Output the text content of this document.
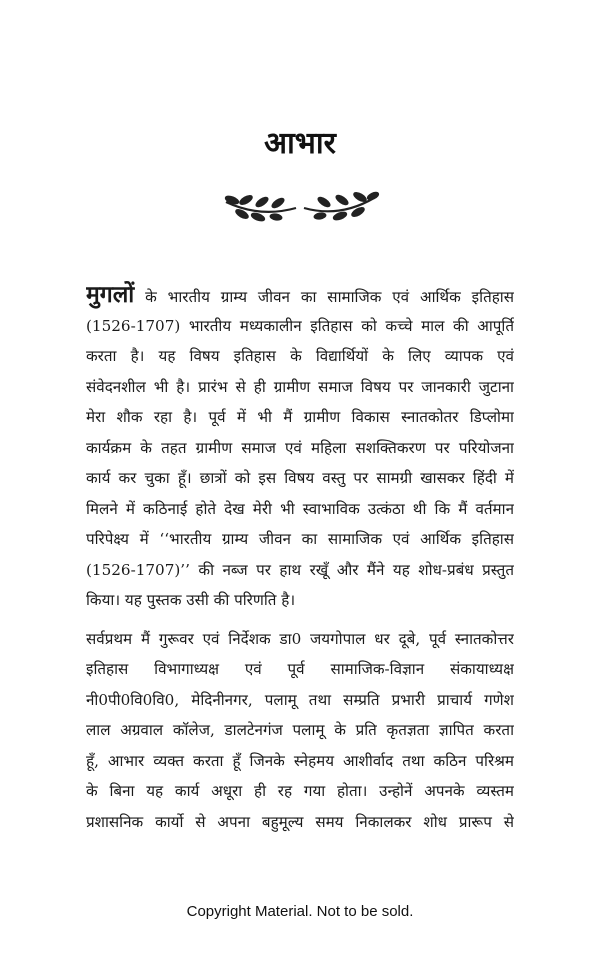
आभार
मुगलों के भारतीय ग्राम्य जीवन का सामाजिक एवं आर्थिक इतिहास
(1526-1707) भारतीय मध्यकालीन इतिहास को कच्चे माल की आपूर्ति
करता है। यह विषय इतिहास के विद्यार्थियों के लिए व्यापक एवं
संवेदनशील भी है। प्रारंभ से ही ग्रामीण समाज विषय पर जानकारी जुटाना
मेरा शौक रहा है। पूर्व में भी मैं ग्रामीण विकास स्नातकोतर डिप्लोमा
कार्यक्रम के तहत ग्रामीण समाज एवं महिला सशक्तिकरण पर परियोजना
कार्य कर चुका हूँ। छात्रों को इस विषय वस्तु पर सामग्री खासकर हिंदी में
मिलने में कठिनाई होते देख मेरी भी स्वाभाविक उत्कंठा थी कि मैं वर्तमान
परिपेक्ष्य में ‘‘भारतीय ग्राम्य जीवन का सामाजिक एवं आर्थिक इतिहास
(1526-1707)’’ की नब्ज पर हाथ रखूँ और मैंने यह शोध-प्रबंध प्रस्तुत
किया। यह पुस्तक उसी की परिणति है।
सर्वप्रथम मैं गुरूवर एवं निर्देशक डा0 जयगोपाल धर दूबे, पूर्व स्नातकोत्तर
इतिहास विभागाध्यक्ष एवं पूर्व सामाजिक-विज्ञान संकायाध्यक्ष
नी0पी0वि0वि0, मेदिनीनगर, पलामू तथा सम्प्रति प्रभारी प्राचार्य गणेश
लाल अग्रवाल कॉलेज, डालटेनगंज पलामू के प्रति कृतज्ञता ज्ञापित करता
हूँ, आभार व्यक्त करता हूँ जिनके स्नेहमय आशीर्वाद तथा कठिन परिश्रम
के बिना यह कार्य अधूरा ही रह गया होता। उन्होनें अपनके व्यस्तम
प्रशासनिक कार्यो से अपना बहुमूल्य समय निकालकर शोध प्रारूप से
Copyright Material. Not to be sold.
